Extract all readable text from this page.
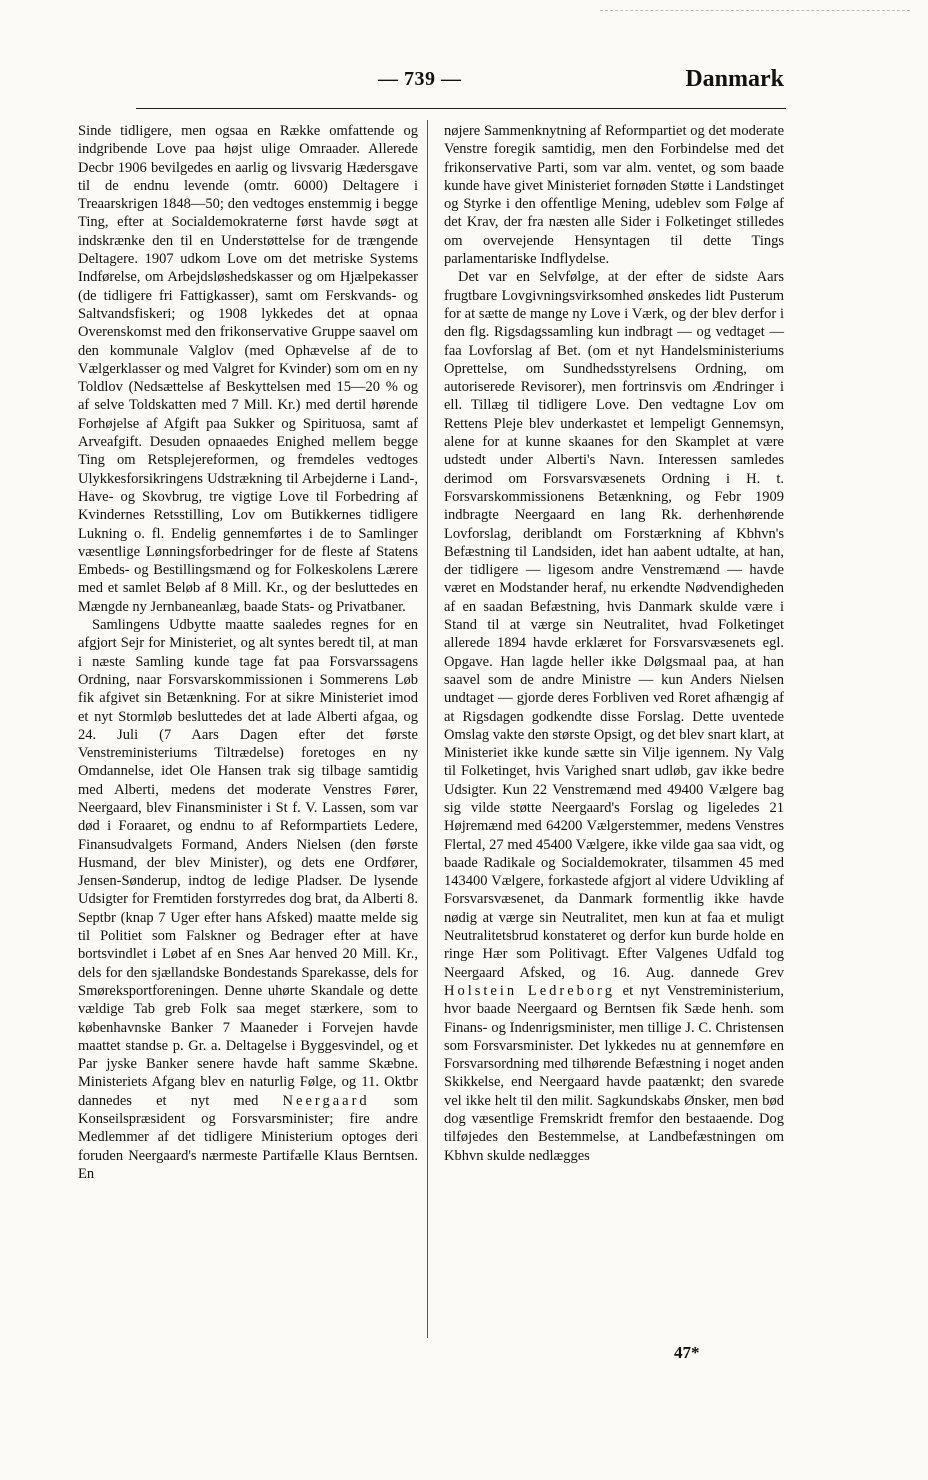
— 739 —	Danmark

Sinde tidligere, men ogsaa en Række omfattende og indgribende Love paa højst ulige Omraader. Allerede Decbr 1906 bevilgedes en aarlig og livsvarig Hædersgave til de endnu levende (omtr. 6000) Deltagere i Treaarskrigen 1848—50; den vedtoges enstemmig i begge Ting, efter at Socialdemokraterne først havde søgt at indskrænke den til en Understøttelse for de trængende Deltagere. 1907 udkom Love om det metriske Systems Indførelse, om Arbejdsløshedskasser og om Hjælpekasser (de tidligere fri Fattigkasser), samt om Ferskvands- og Saltvandsfiskeri; og 1908 lykkedes det at opnaa Overenskomst med den frikonservative Gruppe saavel om den kommunale Valglov (med Ophævelse af de to Vælgerklasser og med Valgret for Kvinder) som om en ny Toldlov (Nedsættelse af Beskyttelsen med 15—20 % og af selve Toldskatten med 7 Mill. Kr.) med dertil hørende Forhøjelse af Afgift paa Sukker og Spirituosa, samt af Arveafgift. Desuden opnaaedes Enighed mellem begge Ting om Retsplejereformen, og fremdeles vedtoges Ulykkesforsikringens Udstrækning til Arbejderne i Land-, Have- og Skovbrug, tre vigtige Love til Forbedring af Kvindernes Retsstilling, Lov om Butikkernes tidligere Lukning o. fl. Endelig gennemførtes i de to Samlinger væsentlige Lønningsforbedringer for de fleste af Statens Embeds- og Bestillingsmænd og for Folkeskolens Lærere med et samlet Beløb af 8 Mill. Kr., og der besluttedes en Mængde ny Jernbaneanlæg, baade Stats- og Privatbaner.

Samlingens Udbytte maatte saaledes regnes for en afgjort Sejr for Ministeriet, og alt syntes beredt til, at man i næste Samling kunde tage fat paa Forsvarssagens Ordning, naar Forsvarskommissionen i Sommerens Løb fik afgivet sin Betænkning. For at sikre Ministeriet imod et nyt Stormløb besluttedes det at lade Alberti afgaa, og 24. Juli (7 Aars Dagen efter det første Venstreministeriums Tiltrædelse) foretoges en ny Omdannelse, idet Ole Hansen trak sig tilbage samtidig med Alberti, medens det moderate Venstres Fører, Neergaard, blev Finansminister i St f. V. Lassen, som var død i Foraaret, og endnu to af Reformpartiets Ledere, Finansudvalgets Formand, Anders Nielsen (den første Husmand, der blev Minister), og dets ene Ordfører, Jensen-Sønderup, indtog de ledige Pladser. De lysende Udsigter for Fremtiden forstyrredes dog brat, da Alberti 8. Septbr (knap 7 Uger efter hans Afsked) maatte melde sig til Politiet som Falskner og Bedrager efter at have bortsvindlet i Løbet af en Snes Aar henved 20 Mill. Kr., dels for den sjællandske Bondestands Sparekasse, dels for Smøreksportforeningen. Denne uhørte Skandale og dette vældige Tab greb Folk saa meget stærkere, som to københavnske Banker 7 Maaneder i Forvejen havde maattet standse p. Gr. a. Deltagelse i Byggesvindel, og et Par jyske Banker senere havde haft samme Skæbne. Ministeriets Afgang blev en naturlig Følge, og 11. Oktbr dannedes et nyt med Neergaard som Konseilspræsident og Forsvarsminister; fire andre Medlemmer af det tidligere Ministerium optoges deri foruden Neergaard's nærmeste Partifælle Klaus Berntsen. En

nøjere Sammenknytning af Reformpartiet og det moderate Venstre foregik samtidig, men den Forbindelse med det frikonservative Parti, som var alm. ventet, og som baade kunde have givet Ministeriet fornøden Støtte i Landstinget og Styrke i den offentlige Mening, udeblev som Følge af det Krav, der fra næsten alle Sider i Folketinget stilledes om overvejende Hensyntagen til dette Tings parlamentariske Indflydelse.

Det var en Selvfølge, at der efter de sidste Aars frugtbare Lovgivningsvirksomhed ønskedes lidt Pusterum for at sætte de mange ny Love i Værk, og der blev derfor i den flg. Rigsdagssamling kun indbragt — og vedtaget — faa Lovforslag af Bet. (om et nyt Handelsministeriums Oprettelse, om Sundhedsstyrelsens Ordning, om autoriserede Revisorer), men fortrinsvis om Ændringer i ell. Tillæg til tidligere Love. Den vedtagne Lov om Rettens Pleje blev underkastet et lempeligt Gennemsyn, alene for at kunne skaanes for den Skamplet at være udstedt under Alberti's Navn. Interessen samledes derimod om Forsvarsvæsenets Ordning i H. t. Forsvarskommissionens Betænkning, og Febr 1909 indbragte Neergaard en lang Rk. derhenhørende Lovforslag, deriblandt om Forstærkning af Kbhvn's Befæstning til Landsiden, idet han aabent udtalte, at han, der tidligere — ligesom andre Venstremænd — havde været en Modstander heraf, nu erkendte Nødvendigheden af en saadan Befæstning, hvis Danmark skulde være i Stand til at værge sin Neutralitet, hvad Folketinget allerede 1894 havde erklæret for Forsvarsvæsenets egl. Opgave. Han lagde heller ikke Dølgsmaal paa, at han saavel som de andre Ministre — kun Anders Nielsen undtaget — gjorde deres Forbliven ved Roret afhængig af at Rigsdagen godkendte disse Forslag. Dette uventede Omslag vakte den største Opsigt, og det blev snart klart, at Ministeriet ikke kunde sætte sin Vilje igennem. Ny Valg til Folketinget, hvis Varighed snart udløb, gav ikke bedre Udsigter. Kun 22 Venstremænd med 49400 Vælgere bag sig vilde støtte Neergaard's Forslag og ligeledes 21 Højremænd med 64200 Vælgerstemmer, medens Venstres Flertal, 27 med 45400 Vælgere, ikke vilde gaa saa vidt, og baade Radikale og Socialdemokrater, tilsammen 45 med 143400 Vælgere, forkastede afgjort al videre Udvikling af Forsvarsvæsenet, da Danmark formentlig ikke havde nødig at værge sin Neutralitet, men kun at faa et muligt Neutralitetsbrud konstateret og derfor kun burde holde en ringe Hær som Politivagt. Efter Valgenes Udfald tog Neergaard Afsked, og 16. Aug. dannede Grev Holstein Ledreborg et nyt Venstreministerium, hvor baade Neergaard og Berntsen fik Sæde henh. som Finans- og Indenrigsminister, men tillige J. C. Christensen som Forsvarsminister. Det lykkedes nu at gennemføre en Forsvarsordning med tilhørende Befæstning i noget anden Skikkelse, end Neergaard havde paatænkt; den svarede vel ikke helt til den milit. Sagkundskabs Ønsker, men bød dog væsentlige Fremskridt fremfor den bestaaende. Dog tilføjedes den Bestemmelse, at Landbefæstningen om Kbhvn skulde nedlægges

47*
